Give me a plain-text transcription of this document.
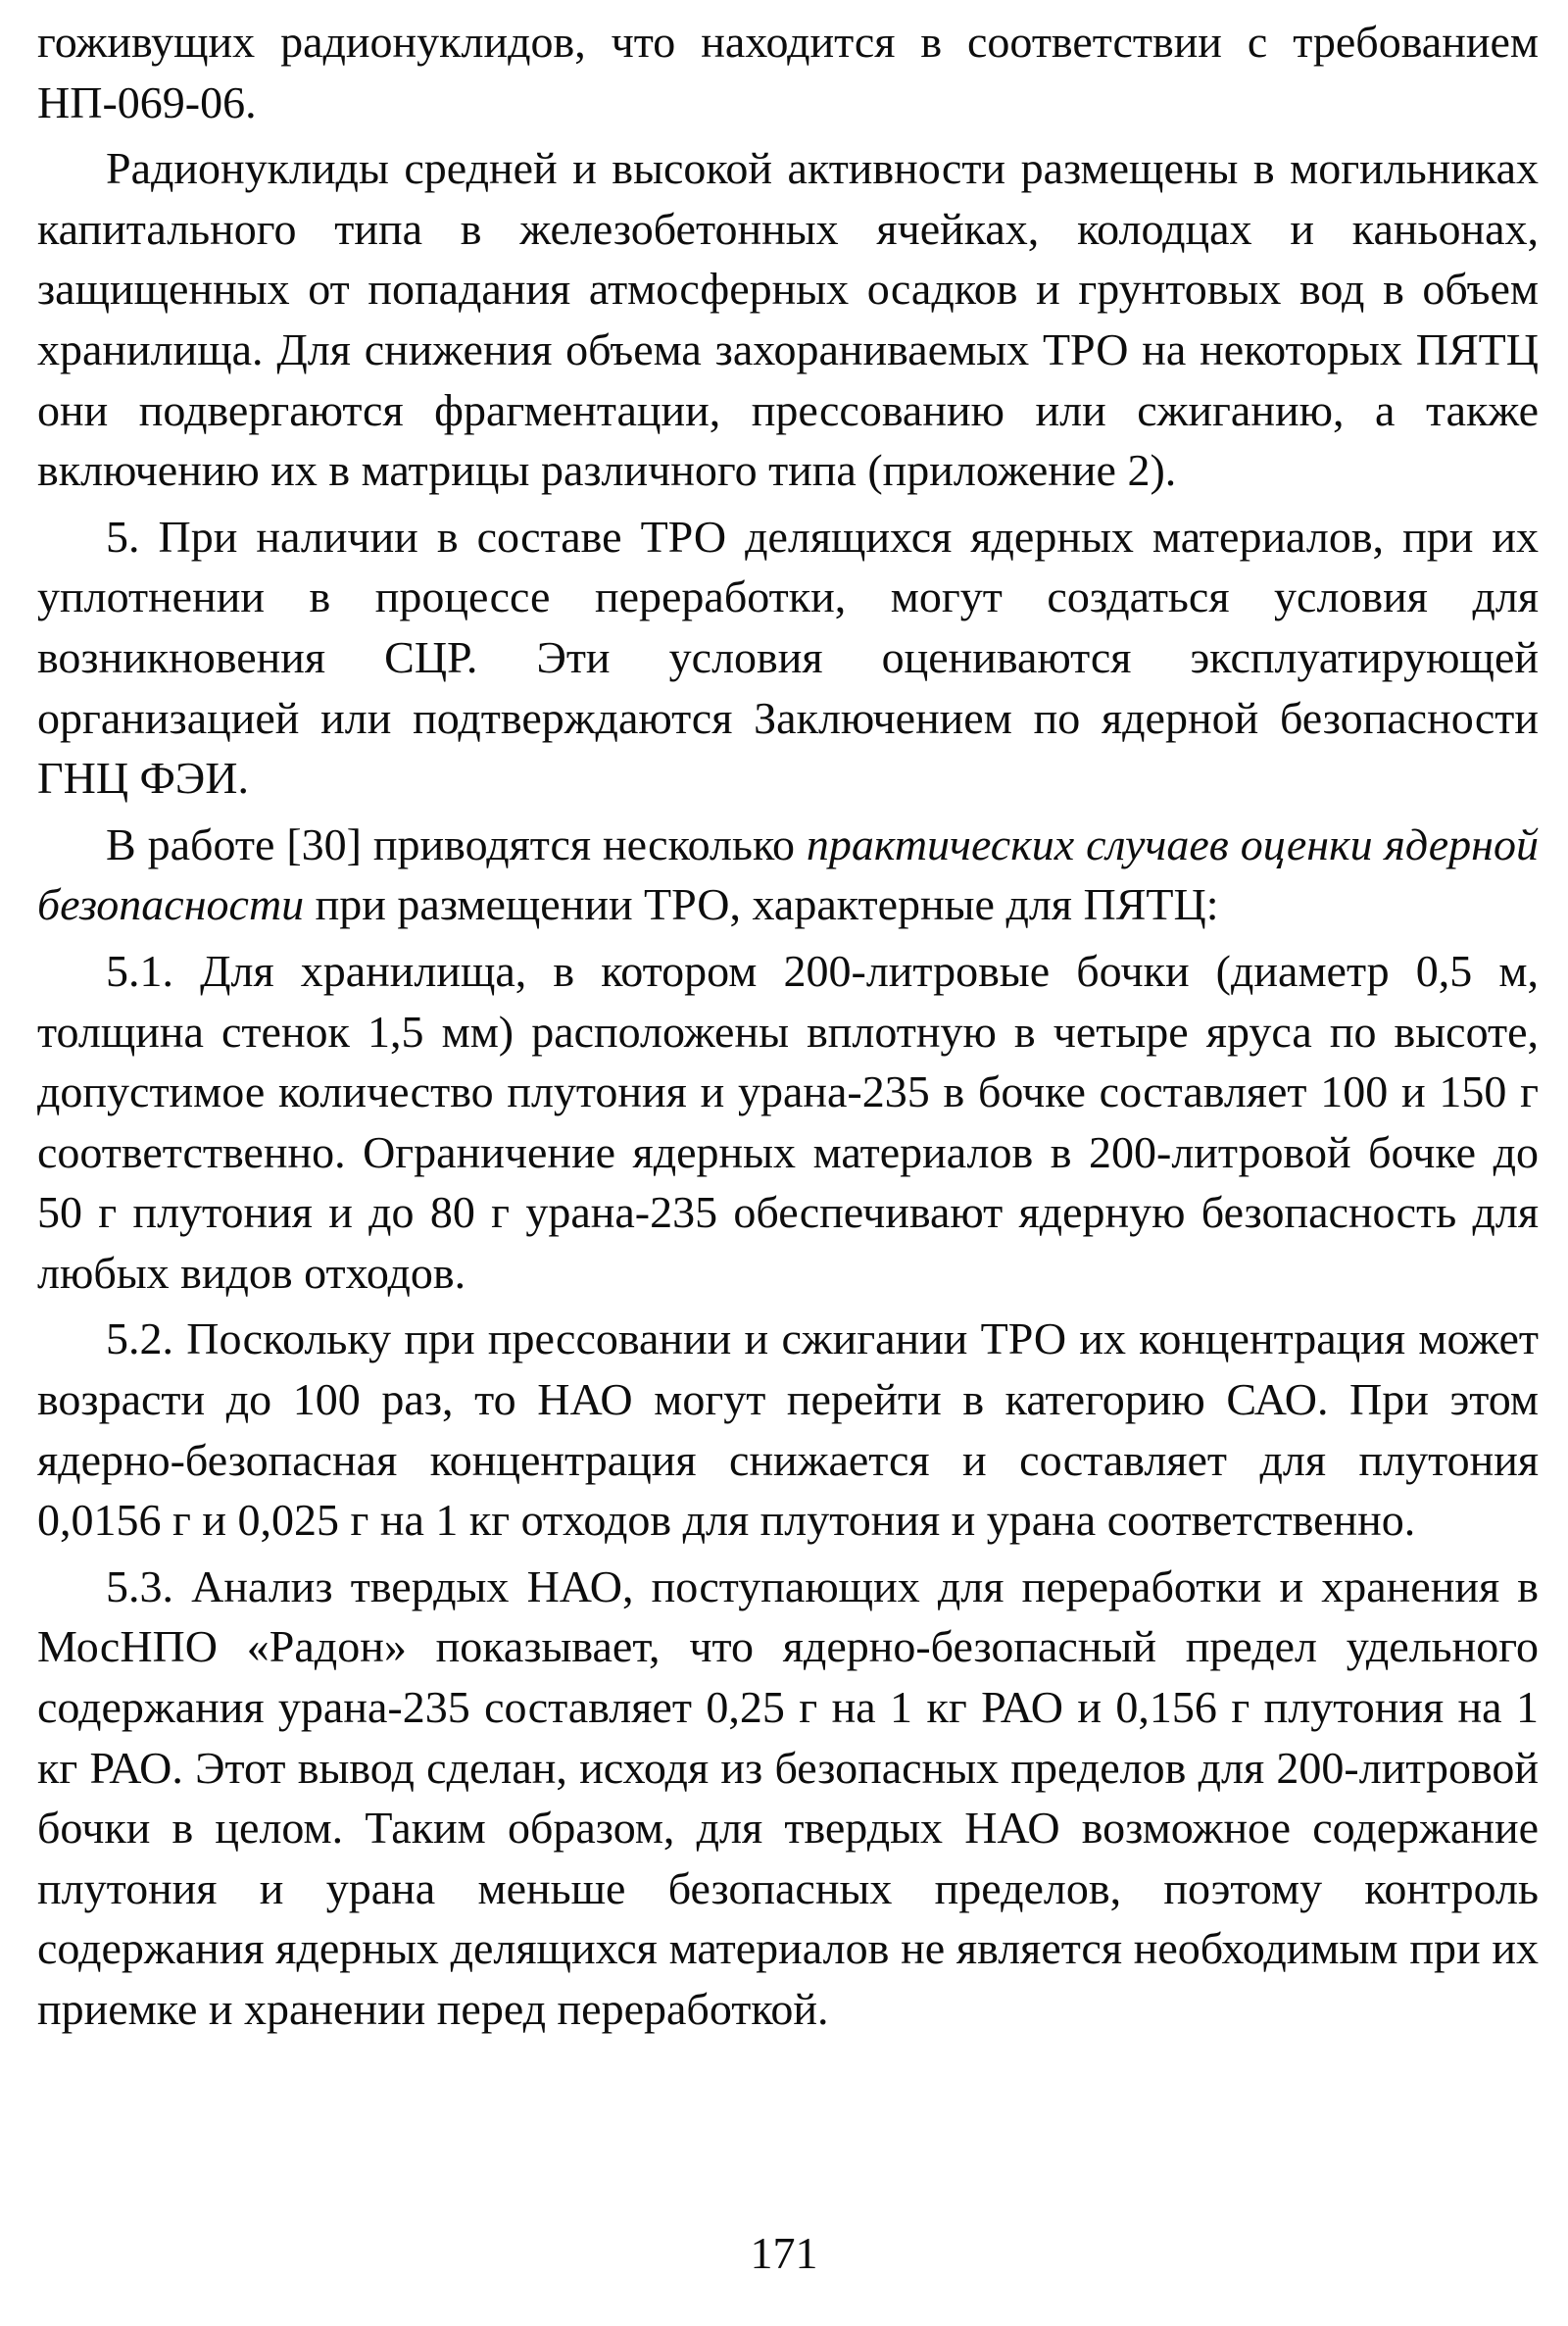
гоживущих радионуклидов, что находится в соответствии с требованием НП-069-06.

Радионуклиды средней и высокой активности размещены в могильниках капитального типа в железобетонных ячейках, колодцах и каньонах, защищенных от попадания атмосферных осадков и грунтовых вод в объем хранилища. Для снижения объема захораниваемых ТРО на некоторых ПЯТЦ они подвергаются фрагментации, прессованию или сжиганию, а также включению их в матрицы различного типа (приложение 2).

5. При наличии в составе ТРО делящихся ядерных материалов, при их уплотнении в процессе переработки, могут создаться условия для возникновения СЦР. Эти условия оцениваются эксплуатирующей организацией или подтверждаются Заключением по ядерной безопасности ГНЦ ФЭИ.

В работе [30] приводятся несколько практических случаев оценки ядерной безопасности при размещении ТРО, характерные для ПЯТЦ:

5.1. Для хранилища, в котором 200-литровые бочки (диаметр 0,5 м, толщина стенок 1,5 мм) расположены вплотную в четыре яруса по высоте, допустимое количество плутония и урана-235 в бочке составляет 100 и 150 г соответственно. Ограничение ядерных материалов в 200-литровой бочке до 50 г плутония и до 80 г урана-235 обеспечивают ядерную безопасность для любых видов отходов.

5.2. Поскольку при прессовании и сжигании ТРО их концентрация может возрасти до 100 раз, то НАО могут перейти в категорию САО. При этом ядерно-безопасная концентрация снижается и составляет для плутония 0,0156 г и 0,025 г на 1 кг отходов для плутония и урана соответственно.

5.3. Анализ твердых НАО, поступающих для переработки и хранения в МосНПО «Радон» показывает, что ядерно-безопасный предел удельного содержания урана-235 составляет 0,25 г на 1 кг РАО и 0,156 г плутония на 1 кг РАО. Этот вывод сделан, исходя из безопасных пределов для 200-литровой бочки в целом. Таким образом, для твердых НАО возможное содержание плутония и урана меньше безопасных пределов, поэтому контроль содержания ядерных делящихся материалов не является необходимым при их приемке и хранении перед переработкой.

171
